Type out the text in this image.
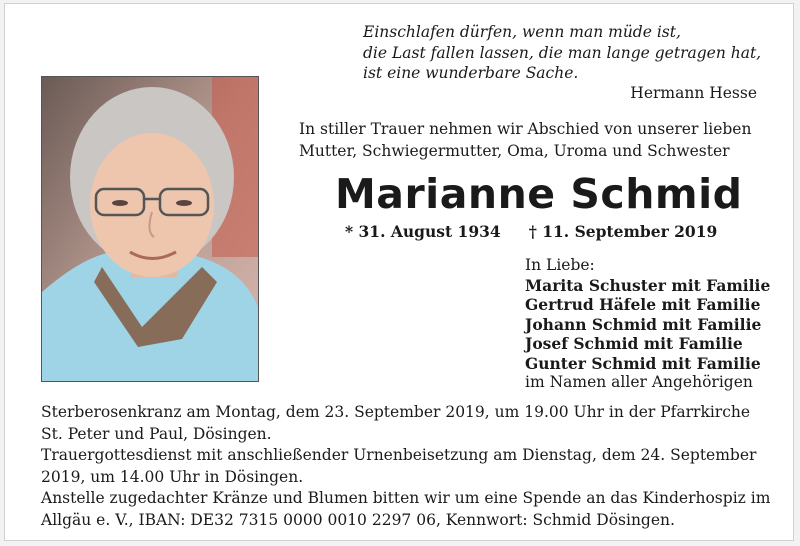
Einschlafen dürfen, wenn man müde ist,
die Last fallen lassen, die man lange getragen hat,
ist eine wunderbare Sache.
Hermann Hesse
In stiller Trauer nehmen wir Abschied von unserer lieben
Mutter, Schwiegermutter, Oma, Uroma und Schwester
Marianne Schmid
* 31. August 1934 † 11. September 2019
In Liebe:
Marita Schuster mit Familie
Gertrud Häfele mit Familie
Johann Schmid mit Familie
Josef Schmid mit Familie
Gunter Schmid mit Familie
im Namen aller Angehörigen

Sterberosenkranz am Montag, dem 23. September 2019, um 19.00 Uhr in der Pfarrkirche St. Peter und Paul, Dösingen.

Trauergottesdienst mit anschließender Urnenbeisetzung am Dienstag, dem 24. September 2019, um 14.00 Uhr in Dösingen.

Anstelle zugedachter Kränze und Blumen bitten wir um eine Spende an das Kinderhospiz im Allgäu e. V., IBAN: DE32 7315 0000 0010 2297 06, Kennwort: Schmid Dösingen.
